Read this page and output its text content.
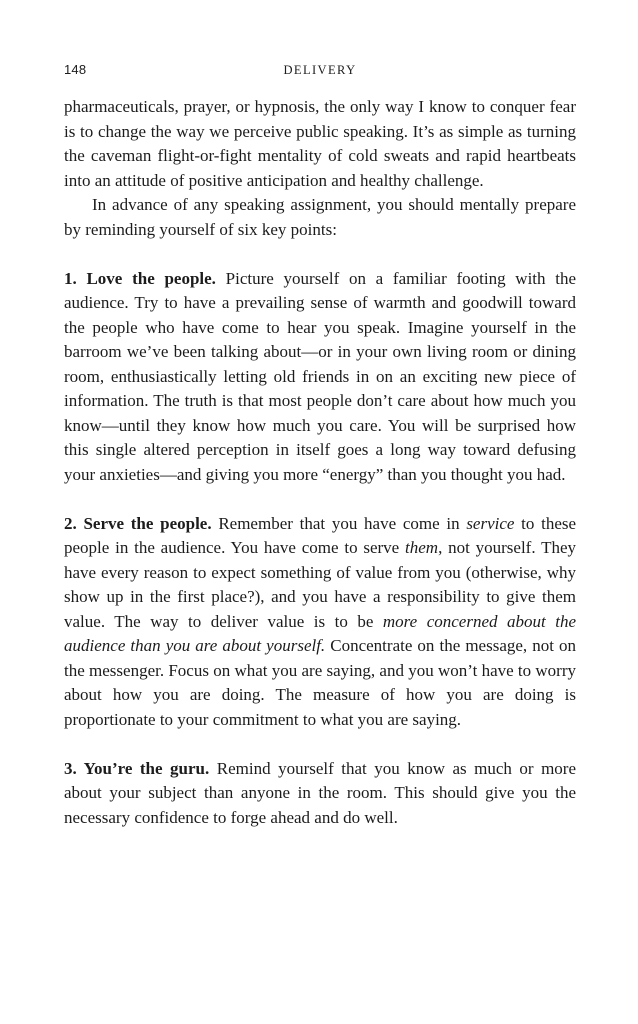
148	DELIVERY

pharmaceuticals, prayer, or hypnosis, the only way I know to conquer fear is to change the way we perceive public speaking. It’s as simple as turning the caveman flight-or-fight mentality of cold sweats and rapid heartbeats into an attitude of positive anticipation and healthy challenge.

In advance of any speaking assignment, you should mentally prepare by reminding yourself of six key points:

1. Love the people. Picture yourself on a familiar footing with the audience. Try to have a prevailing sense of warmth and goodwill toward the people who have come to hear you speak. Imagine yourself in the barroom we’ve been talking about—or in your own living room or dining room, enthusiastically letting old friends in on an exciting new piece of information. The truth is that most people don’t care about how much you know—until they know how much you care. You will be surprised how this single altered perception in itself goes a long way toward defusing your anxieties—and giving you more “energy” than you thought you had.

2. Serve the people. Remember that you have come in service to these people in the audience. You have come to serve them, not yourself. They have every reason to expect something of value from you (otherwise, why show up in the first place?), and you have a responsibility to give them value. The way to deliver value is to be more concerned about the audience than you are about yourself. Concentrate on the message, not on the messenger. Focus on what you are saying, and you won’t have to worry about how you are doing. The measure of how you are doing is proportionate to your commitment to what you are saying.

3. You’re the guru. Remind yourself that you know as much or more about your subject than anyone in the room. This should give you the necessary confidence to forge ahead and do well.
